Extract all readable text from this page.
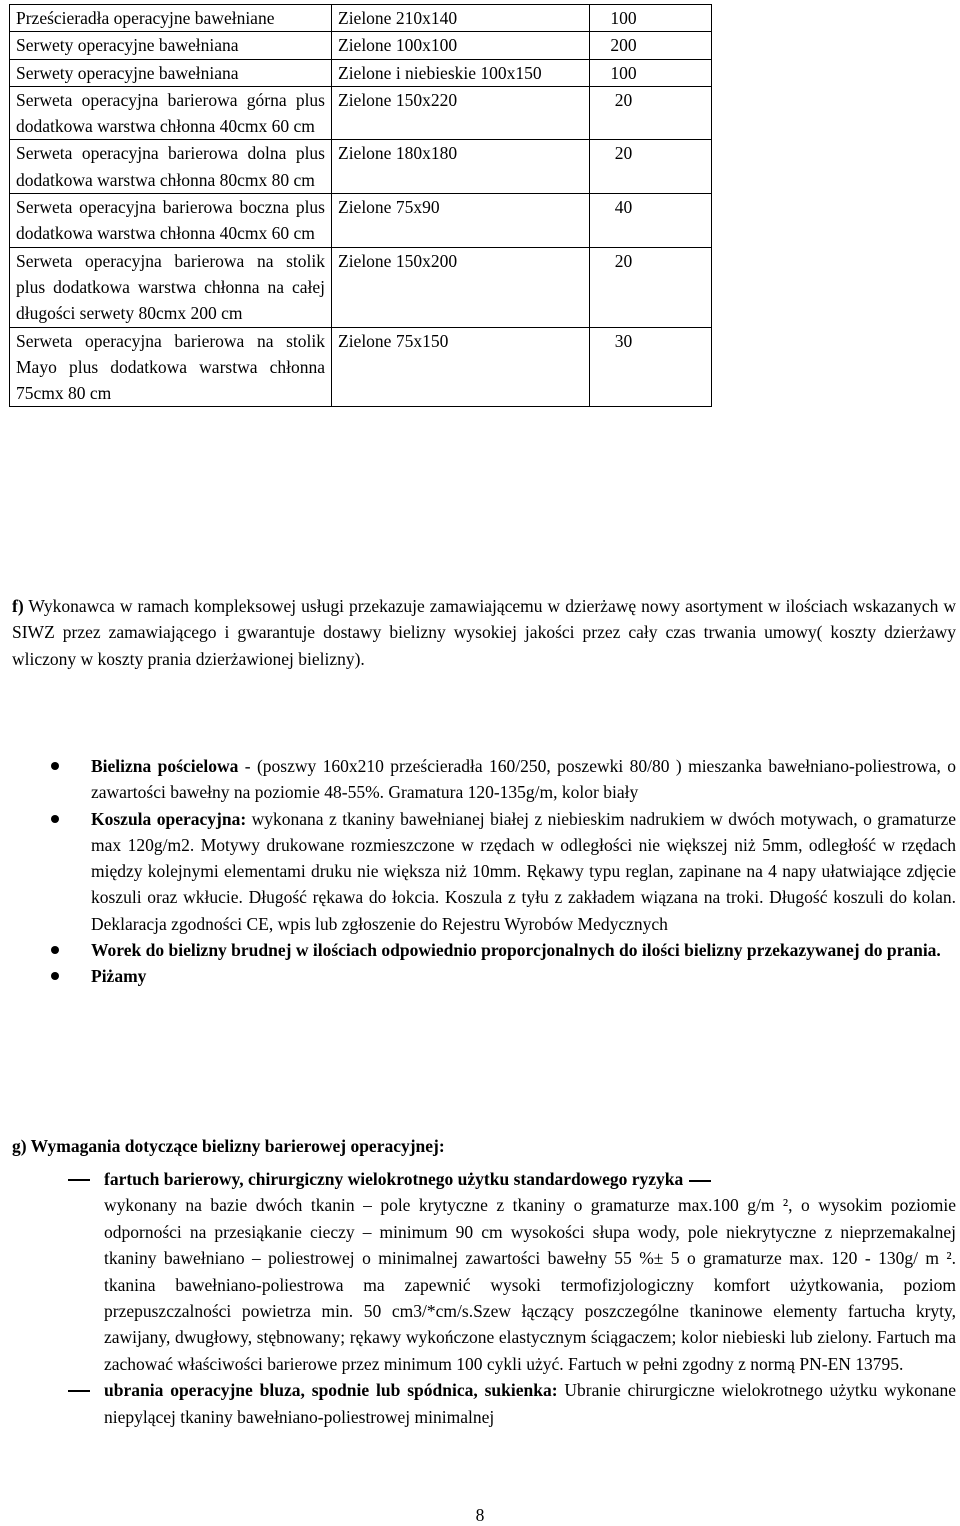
Prześcieradła operacyjne bawełniane	Zielone 210x140	100
Serwety operacyjne bawełniana	Zielone 100x100	200
Serwety operacyjne bawełniana	Zielone i niebieskie 100x150	100
Serweta operacyjna barierowa górna plus dodatkowa warstwa chłonna 40cmx 60 cm	Zielone 150x220	20
Serweta operacyjna barierowa dolna plus dodatkowa warstwa chłonna 80cmx 80 cm	Zielone 180x180	20
Serweta operacyjna barierowa boczna plus dodatkowa warstwa chłonna 40cmx 60 cm	Zielone 75x90	40
Serweta operacyjna barierowa na stolik plus dodatkowa warstwa chłonna na całej długości serwety 80cmx 200 cm	Zielone 150x200	20
Serweta operacyjna barierowa na stolik Mayo plus dodatkowa warstwa chłonna 75cmx 80 cm	Zielone 75x150	30
f) Wykonawca w ramach kompleksowej usługi przekazuje zamawiającemu w dzierżawę nowy asortyment w ilościach wskazanych w SIWZ przez zamawiającego i gwarantuje dostawy bielizny wysokiej jakości przez cały czas trwania umowy( koszty dzierżawy wliczony w koszty prania dzierżawionej bielizny).
Bielizna pościelowa - (poszwy 160x210 prześcieradła 160/250, poszewki 80/80 ) mieszanka bawełniano-poliestrowa, o zawartości bawełny na poziomie 48-55%. Gramatura 120-135g/m, kolor biały
Koszula operacyjna: wykonana z tkaniny bawełnianej białej z niebieskim nadrukiem w dwóch motywach, o gramaturze max 120g/m2. Motywy drukowane rozmieszczone w rzędach w odległości nie większej niż 5mm, odległość w rzędach między kolejnymi elementami druku nie większa niż 10mm. Rękawy typu reglan, zapinane na 4 napy ułatwiające zdjęcie koszuli oraz wkłucie. Długość rękawa do łokcia. Koszula z tyłu z zakładem wiązana na troki. Długość koszuli do kolan. Deklaracja zgodności CE, wpis lub zgłoszenie do Rejestru Wyrobów Medycznych
Worek do bielizny brudnej w ilościach odpowiednio proporcjonalnych do ilości bielizny przekazywanej do prania.
Piżamy
g) Wymagania dotyczące bielizny barierowej operacyjnej:
fartuch barierowy, chirurgiczny wielokrotnego użytku standardowego ryzyka
wykonany na bazie dwóch tkanin – pole krytyczne z tkaniny o gramaturze max.100 g/m ², o wysokim poziomie odporności na przesiąkanie cieczy – minimum 90 cm wysokości słupa wody, pole niekrytyczne z nieprzemakalnej tkaniny bawełniano – poliestrowej o minimalnej zawartości bawełny 55 %± 5 o gramaturze max. 120 - 130g/ m ². tkanina bawełniano-poliestrowa ma zapewnić wysoki termofizjologiczny komfort użytkowania, poziom przepuszczalności powietrza min. 50 cm3/*cm/s.Szew łączący poszczególne tkaninowe elementy fartucha kryty, zawijany, dwugłowy, stębnowany; rękawy wykończone elastycznym ściągaczem; kolor niebieski lub zielony. Fartuch ma zachować właściwości barierowe przez minimum 100 cykli użyć. Fartuch w pełni zgodny z normą PN-EN 13795.
ubrania operacyjne bluza, spodnie lub spódnica, sukienka: Ubranie chirurgiczne wielokrotnego użytku wykonane niepylącej tkaniny bawełniano-poliestrowej minimalnej
8
